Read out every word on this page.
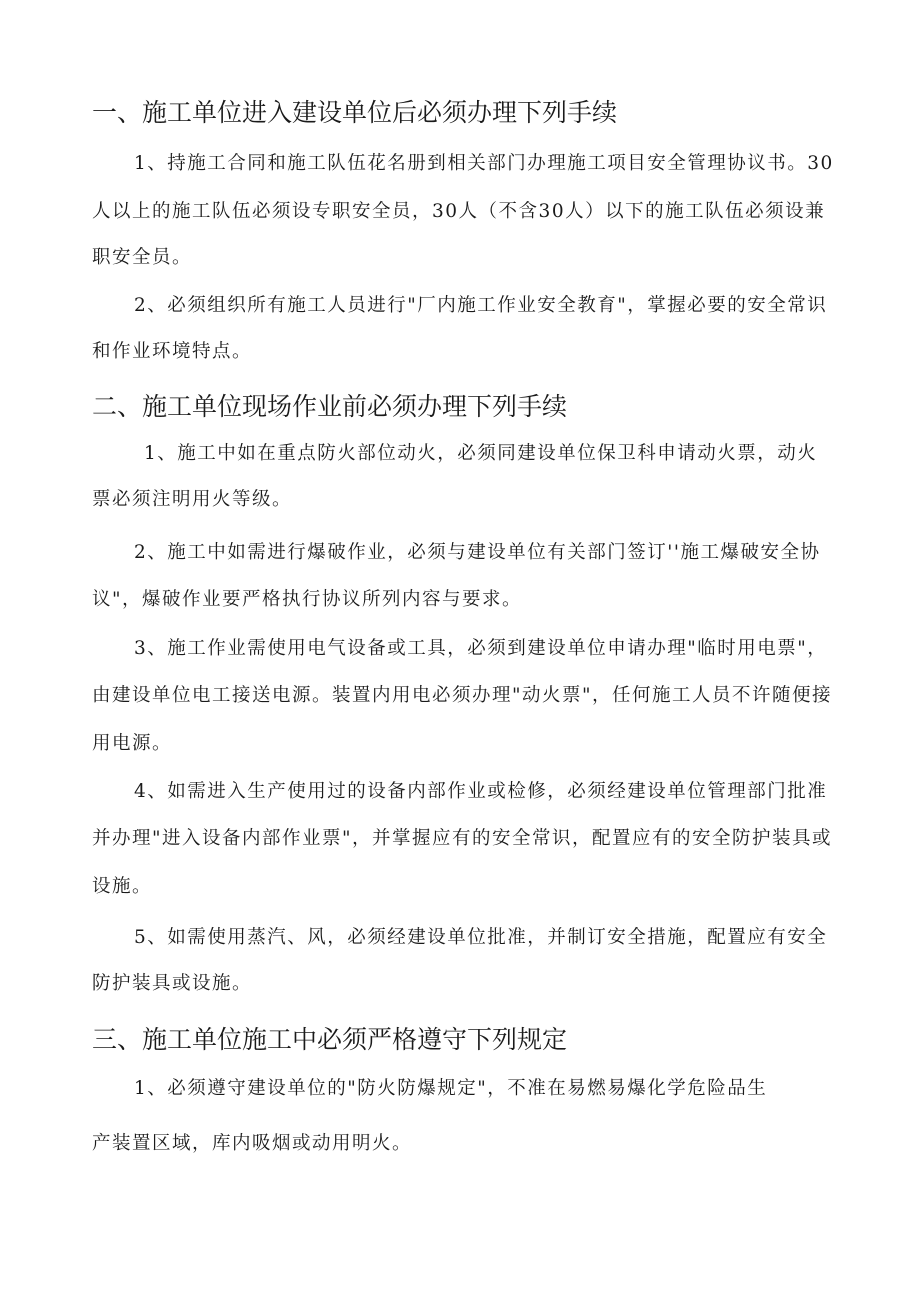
一、施工单位进入建设单位后必须办理下列手续
1、持施工合同和施工队伍花名册到相关部门办理施工项目安全管理协议书。30
人以上的施工队伍必须设专职安全员，30人（不含30人）以下的施工队伍必须设兼
职安全员。
2、必须组织所有施工人员进行"厂内施工作业安全教育"，掌握必要的安全常识
和作业环境特点。
二、施工单位现场作业前必须办理下列手续
1、施工中如在重点防火部位动火，必须同建设单位保卫科申请动火票，动火
票必须注明用火等级。
2、施工中如需进行爆破作业，必须与建设单位有关部门签订''施工爆破安全协
议"，爆破作业要严格执行协议所列内容与要求。
3、施工作业需使用电气设备或工具，必须到建设单位申请办理"临时用电票"，
由建设单位电工接送电源。装置内用电必须办理"动火票"，任何施工人员不许随便接
用电源。
4、如需进入生产使用过的设备内部作业或检修，必须经建设单位管理部门批准
并办理"进入设备内部作业票"，并掌握应有的安全常识，配置应有的安全防护装具或
设施。
5、如需使用蒸汽、风，必须经建设单位批准，并制订安全措施，配置应有安全
防护装具或设施。
三、施工单位施工中必须严格遵守下列规定
1、必须遵守建设单位的"防火防爆规定"，不准在易燃易爆化学危险品生
产装置区域，库内吸烟或动用明火。
